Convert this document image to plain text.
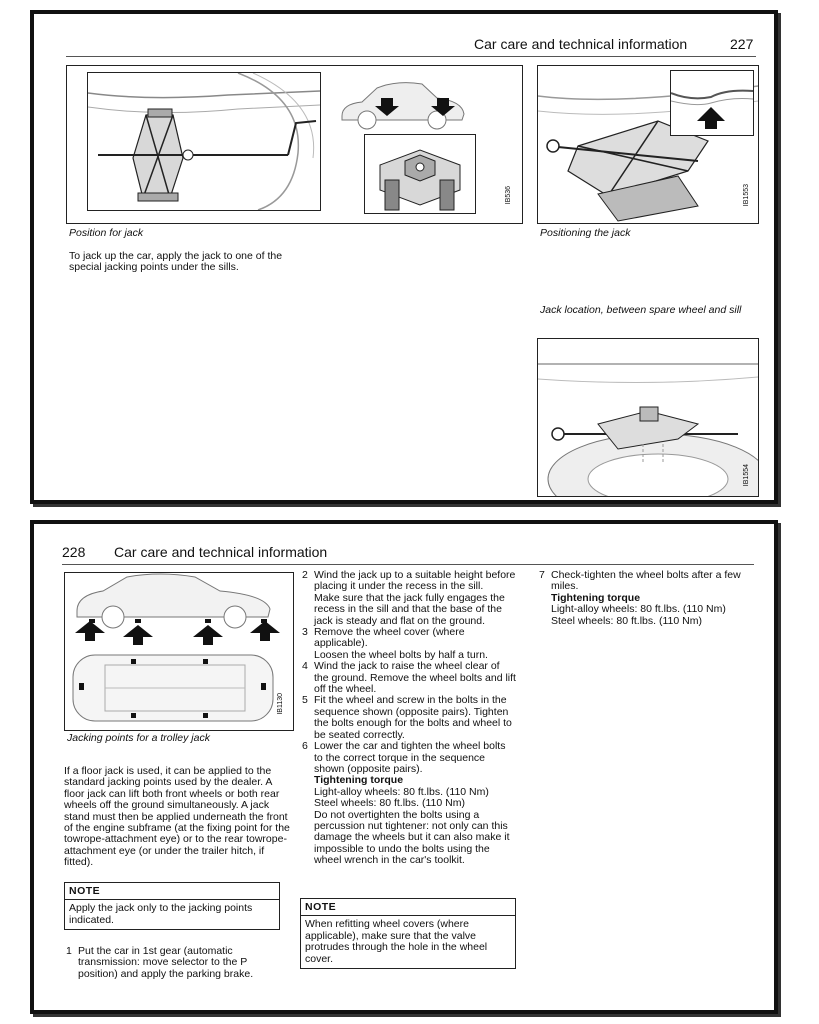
Car care and technical information	227
IB536
Position for jack
IB1553
Positioning the jack
To jack up the car, apply the jack to one of the special jacking points under the sills.
Jack location, between spare wheel and sill
IB1554
228 Car care and technical information
IB1130
Jacking points for a trolley jack
If a floor jack is used, it can be applied to the standard jacking points used by the dealer. A floor jack can lift both front wheels or both rear wheels off the ground simultaneously. A jack stand must then be applied underneath the front of the engine subframe (at the fixing point for the towrope-attachment eye) or to the rear towrope-attachment eye (or under the trailer hitch, if fitted).
NOTE
Apply the jack only to the jacking points indicated.

1 Put the car in 1st gear (automatic transmission: move selector to the P position) and apply the parking brake.

2 Wind the jack up to a suitable height before placing it under the recess in the sill.
Make sure that the jack fully engages the recess in the sill and that the base of the jack is steady and flat on the ground.

3 Remove the wheel cover (where applicable).
Loosen the wheel bolts by half a turn.

4 Wind the jack to raise the wheel clear of the ground. Remove the wheel bolts and lift off the wheel.

5 Fit the wheel and screw in the bolts in the sequence shown (opposite pairs). Tighten the bolts enough for the bolts and wheel to be seated correctly.

6 Lower the car and tighten the wheel bolts to the correct torque in the sequence shown (opposite pairs).
Tightening torque
Light-alloy wheels: 80 ft.lbs. (110 Nm)
Steel wheels: 80 ft.lbs. (110 Nm)
Do not overtighten the bolts using a percussion nut tightener: not only can this damage the wheels but it can also make it impossible to undo the bolts using the wheel wrench in the car's toolkit.

NOTE
When refitting wheel covers (where applicable), make sure that the valve protrudes through the hole in the wheel cover.

7 Check-tighten the wheel bolts after a few miles.
Tightening torque
Light-alloy wheels: 80 ft.lbs. (110 Nm)
Steel wheels: 80 ft.lbs. (110 Nm)
